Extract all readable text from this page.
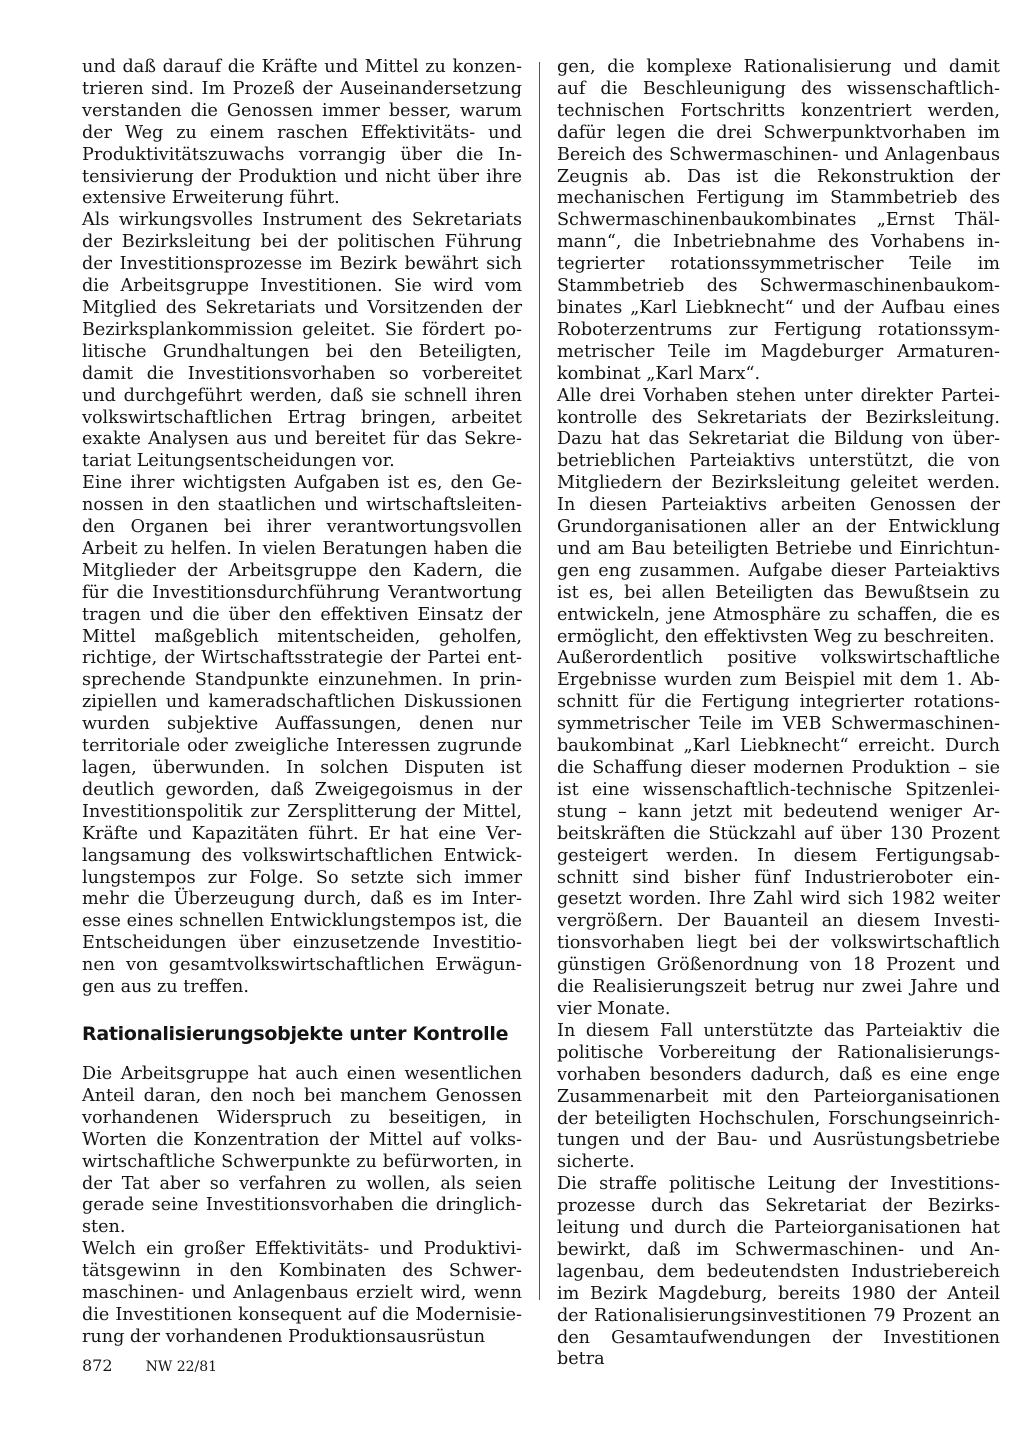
und daß darauf die Kräfte und Mittel zu konzentrieren sind. Im Prozeß der Auseinandersetzung verstanden die Genossen immer besser, warum der Weg zu einem raschen Effektivitäts- und Produktivitätszuwachs vorrangig über die Intensivierung der Produktion und nicht über ihre extensive Erweiterung führt.

Als wirkungsvolles Instrument des Sekretariats der Bezirksleitung bei der politischen Führung der Investitionsprozesse im Bezirk bewährt sich die Arbeitsgruppe Investitionen. Sie wird vom Mitglied des Sekretariats und Vorsitzenden der Bezirksplankommission geleitet. Sie fördert politische Grundhaltungen bei den Beteiligten, damit die Investitionsvorhaben so vorbereitet und durchgeführt werden, daß sie schnell ihren volkswirtschaftlichen Ertrag bringen, arbeitet exakte Analysen aus und bereitet für das Sekretariat Leitungsentscheidungen vor.

Eine ihrer wichtigsten Aufgaben ist es, den Genossen in den staatlichen und wirtschaftsleitenden Organen bei ihrer verantwortungsvollen Arbeit zu helfen. In vielen Beratungen haben die Mitglieder der Arbeitsgruppe den Kadern, die für die Investitionsdurchführung Verantwortung tragen und die über den effektiven Einsatz der Mittel maßgeblich mitentscheiden, geholfen, richtige, der Wirtschaftsstrategie der Partei entsprechende Standpunkte einzunehmen. In prinzipiellen und kameradschaftlichen Diskussionen wurden subjektive Auffassungen, denen nur territoriale oder zweigliche Interessen zugrunde lagen, überwunden. In solchen Disputen ist deutlich geworden, daß Zweigegoismus in der Investitionspolitik zur Zersplitterung der Mittel, Kräfte und Kapazitäten führt. Er hat eine Verlangsamung des volkswirtschaftlichen Entwicklungstempos zur Folge. So setzte sich immer mehr die Überzeugung durch, daß es im Interesse eines schnellen Entwicklungstempos ist, die Entscheidungen über einzusetzende Investitionen von gesamtvolkswirtschaftlichen Erwägungen aus zu treffen.

Rationalisierungsobjekte unter Kontrolle

Die Arbeitsgruppe hat auch einen wesentlichen Anteil daran, den noch bei manchem Genossen vorhandenen Widerspruch zu beseitigen, in Worten die Konzentration der Mittel auf volkswirtschaftliche Schwerpunkte zu befürworten, in der Tat aber so verfahren zu wollen, als seien gerade seine Investitionsvorhaben die dringlichsten.

Welch ein großer Effektivitäts- und Produktivitätsgewinn in den Kombinaten des Schwermaschinen- und Anlagenbaus erzielt wird, wenn die Investitionen konsequent auf die Modernisierung der vorhandenen Produktionsausrüstun

gen, die komplexe Rationalisierung und damit auf die Beschleunigung des wissenschaftlichtechnischen Fortschritts konzentriert werden, dafür legen die drei Schwerpunktvorhaben im Bereich des Schwermaschinen- und Anlagenbaus Zeugnis ab. Das ist die Rekonstruktion der mechanischen Fertigung im Stammbetrieb des Schwermaschinenbaukombinates „Ernst Thälmann“, die Inbetriebnahme des Vorhabens integrierter rotationssymmetrischer Teile im Stammbetrieb des Schwermaschinenbaukombinates „Karl Liebknecht“ und der Aufbau eines Roboterzentrums zur Fertigung rotationssymmetrischer Teile im Magdeburger Armaturenkombinat „Karl Marx“.

Alle drei Vorhaben stehen unter direkter Parteikontrolle des Sekretariats der Bezirksleitung. Dazu hat das Sekretariat die Bildung von überbetrieblichen Parteiaktivs unterstützt, die von Mitgliedern der Bezirksleitung geleitet werden. In diesen Parteiaktivs arbeiten Genossen der Grundorganisationen aller an der Entwicklung und am Bau beteiligten Betriebe und Einrichtungen eng zusammen. Aufgabe dieser Parteiaktivs ist es, bei allen Beteiligten das Bewußtsein zu entwickeln, jene Atmosphäre zu schaffen, die es ermöglicht, den effektivsten Weg zu beschreiten.

Außerordentlich positive volkswirtschaftliche Ergebnisse wurden zum Beispiel mit dem 1. Abschnitt für die Fertigung integrierter rotationssymmetrischer Teile im VEB Schwermaschinenbaukombinat „Karl Liebknecht“ erreicht. Durch die Schaffung dieser modernen Produktion – sie ist eine wissenschaftlich-technische Spitzenleistung – kann jetzt mit bedeutend weniger Arbeitskräften die Stückzahl auf über 130 Prozent gesteigert werden. In diesem Fertigungsabschnitt sind bisher fünf Industrieroboter eingesetzt worden. Ihre Zahl wird sich 1982 weiter vergrößern. Der Bauanteil an diesem Investitionsvorhaben liegt bei der volkswirtschaftlich günstigen Größenordnung von 18 Prozent und die Realisierungszeit betrug nur zwei Jahre und vier Monate.

In diesem Fall unterstützte das Parteiaktiv die politische Vorbereitung der Rationalisierungsvorhaben besonders dadurch, daß es eine enge Zusammenarbeit mit den Parteiorganisationen der beteiligten Hochschulen, Forschungseinrichtungen und der Bau- und Ausrüstungsbetriebe sicherte.

Die straffe politische Leitung der Investitionsprozesse durch das Sekretariat der Bezirksleitung und durch die Parteiorganisationen hat bewirkt, daß im Schwermaschinen- und Anlagenbau, dem bedeutendsten Industriebereich im Bezirk Magdeburg, bereits 1980 der Anteil der Rationalisierungsinvestitionen 79 Prozent an den Gesamtaufwendungen der Investitionen betra

872 NW 22/81
